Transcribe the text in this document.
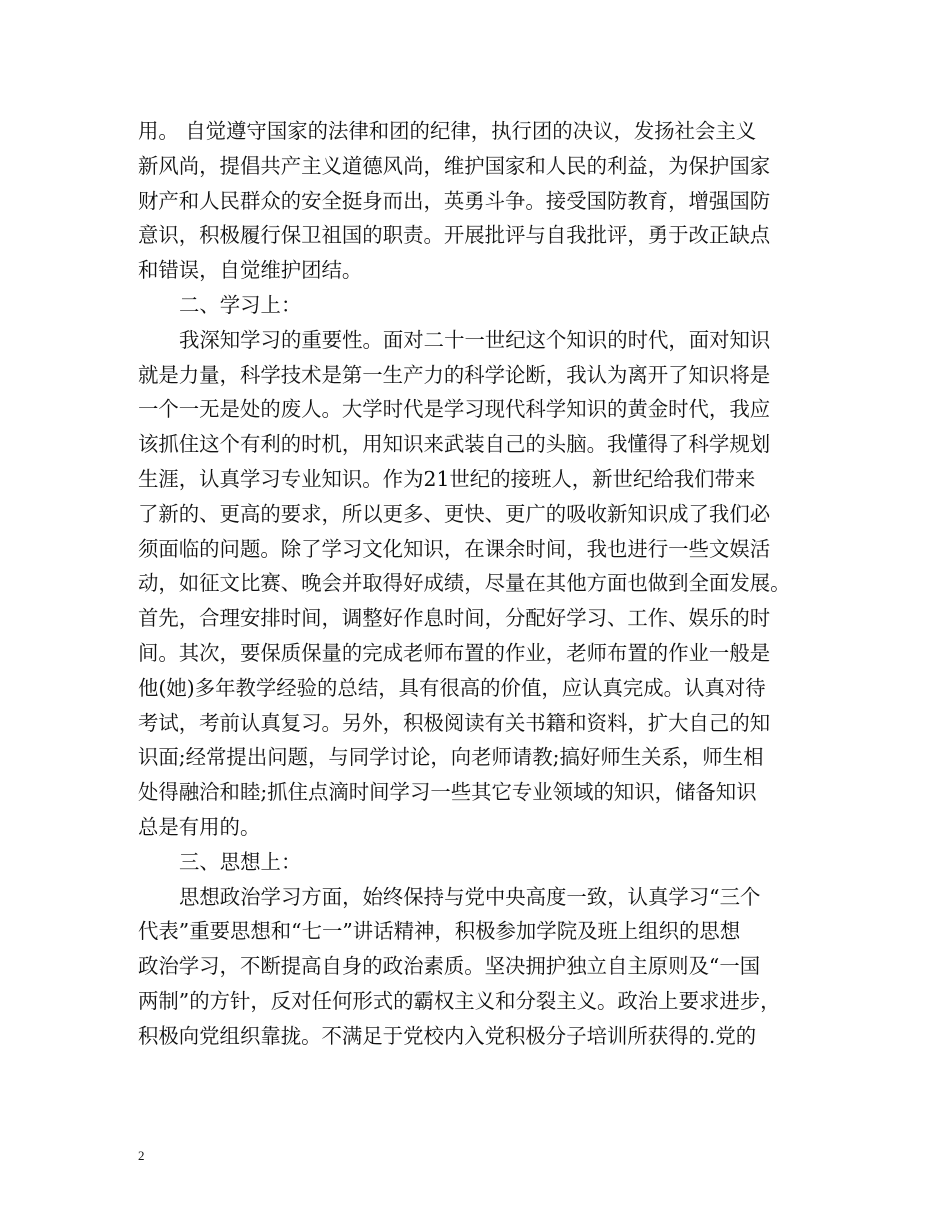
用。 自觉遵守国家的法律和团的纪律，执行团的决议，发扬社会主义
新风尚，提倡共产主义道德风尚，维护国家和人民的利益，为保护国家
财产和人民群众的安全挺身而出，英勇斗争。接受国防教育，增强国防
意识，积极履行保卫祖国的职责。开展批评与自我批评，勇于改正缺点
和错误，自觉维护团结。
二、学习上：
我深知学习的重要性。面对二十一世纪这个知识的时代，面对知识
就是力量，科学技术是第一生产力的科学论断，我认为离开了知识将是
一个一无是处的废人。大学时代是学习现代科学知识的黄金时代，我应
该抓住这个有利的时机，用知识来武装自己的头脑。我懂得了科学规划
生涯，认真学习专业知识。作为21世纪的接班人，新世纪给我们带来
了新的、更高的要求，所以更多、更快、更广的吸收新知识成了我们必
须面临的问题。除了学习文化知识，在课余时间，我也进行一些文娱活
动，如征文比赛、晚会并取得好成绩，尽量在其他方面也做到全面发展。
首先，合理安排时间，调整好作息时间，分配好学习、工作、娱乐的时
间。其次，要保质保量的完成老师布置的作业，老师布置的作业一般是
他(她)多年教学经验的总结，具有很高的价值，应认真完成。认真对待
考试，考前认真复习。另外，积极阅读有关书籍和资料，扩大自己的知
识面;经常提出问题，与同学讨论，向老师请教;搞好师生关系，师生相
处得融洽和睦;抓住点滴时间学习一些其它专业领域的知识，储备知识
总是有用的。
三、思想上：
思想政治学习方面，始终保持与党中央高度一致，认真学习“三个
代表”重要思想和“七一”讲话精神，积极参加学院及班上组织的思想
政治学习，不断提高自身的政治素质。坚决拥护独立自主原则及“一国
两制”的方针，反对任何形式的霸权主义和分裂主义。政治上要求进步，
积极向党组织靠拢。不满足于党校内入党积极分子培训所获得的.党的
2
